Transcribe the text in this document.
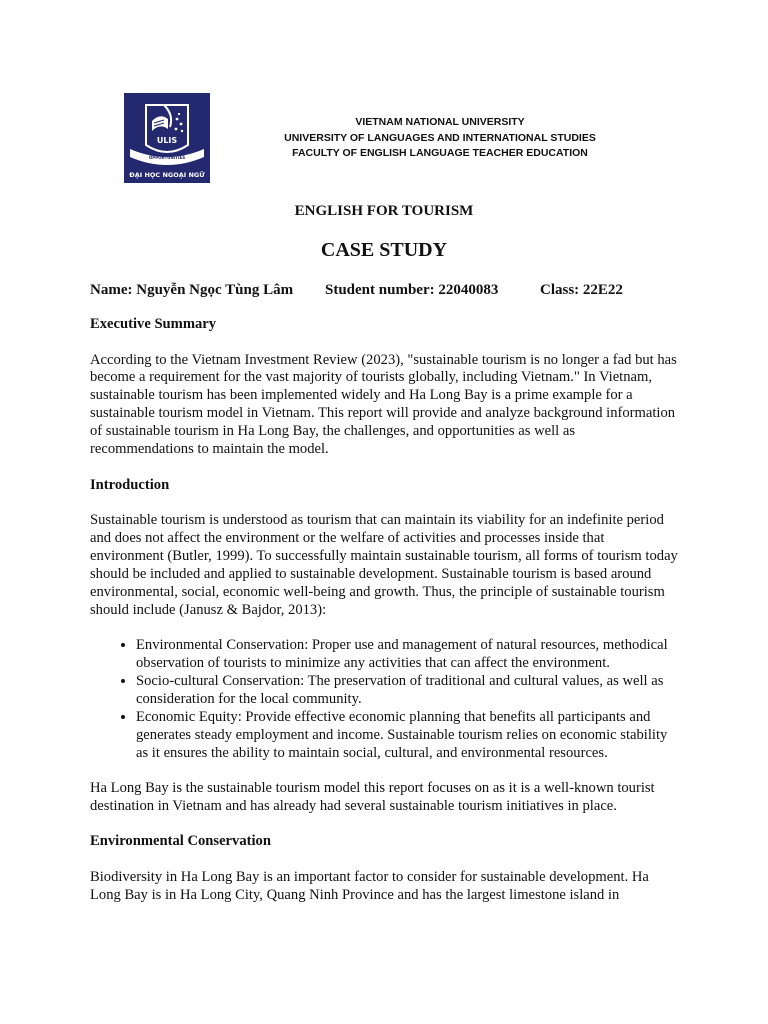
ULIS
OPPORTUNITIES
ĐẠI HỌC NGOẠI NGỮ
VIETNAM NATIONAL UNIVERSITY
UNIVERSITY OF LANGUAGES AND INTERNATIONAL STUDIES
FACULTY OF ENGLISH LANGUAGE TEACHER EDUCATION
ENGLISH FOR TOURISM
CASE STUDY
Name: Nguyễn Ngọc Tùng Lâm Student number: 22040083	Class: 22E22
Executive Summary

According to the Vietnam Investment Review (2023), "sustainable tourism is no longer a fad but has become a requirement for the vast majority of tourists globally, including Vietnam." In Vietnam, sustainable tourism has been implemented widely and Ha Long Bay is a prime example for a sustainable tourism model in Vietnam. This report will provide and analyze background information of sustainable tourism in Ha Long Bay, the challenges, and opportunities as well as recommendations to maintain the model.

Introduction

Sustainable tourism is understood as tourism that can maintain its viability for an indefinite period and does not affect the environment or the welfare of activities and processes inside that environment (Butler, 1999). To successfully maintain sustainable tourism, all forms of tourism today should be included and applied to sustainable development. Sustainable tourism is based around environmental, social, economic well-being and growth. Thus, the principle of sustainable tourism should include (Janusz & Bajdor, 2013):

• Environmental Conservation: Proper use and management of natural resources, methodical observation of tourists to minimize any activities that can affect the environment.
• Socio-cultural Conservation: The preservation of traditional and cultural values, as well as consideration for the local community.
• Economic Equity: Provide effective economic planning that benefits all participants and generates steady employment and income. Sustainable tourism relies on economic stability as it ensures the ability to maintain social, cultural, and environmental resources.

Ha Long Bay is the sustainable tourism model this report focuses on as it is a well-known tourist destination in Vietnam and has already had several sustainable tourism initiatives in place.

Environmental Conservation

Biodiversity in Ha Long Bay is an important factor to consider for sustainable development. Ha Long Bay is in Ha Long City, Quang Ninh Province and has the largest limestone island in
